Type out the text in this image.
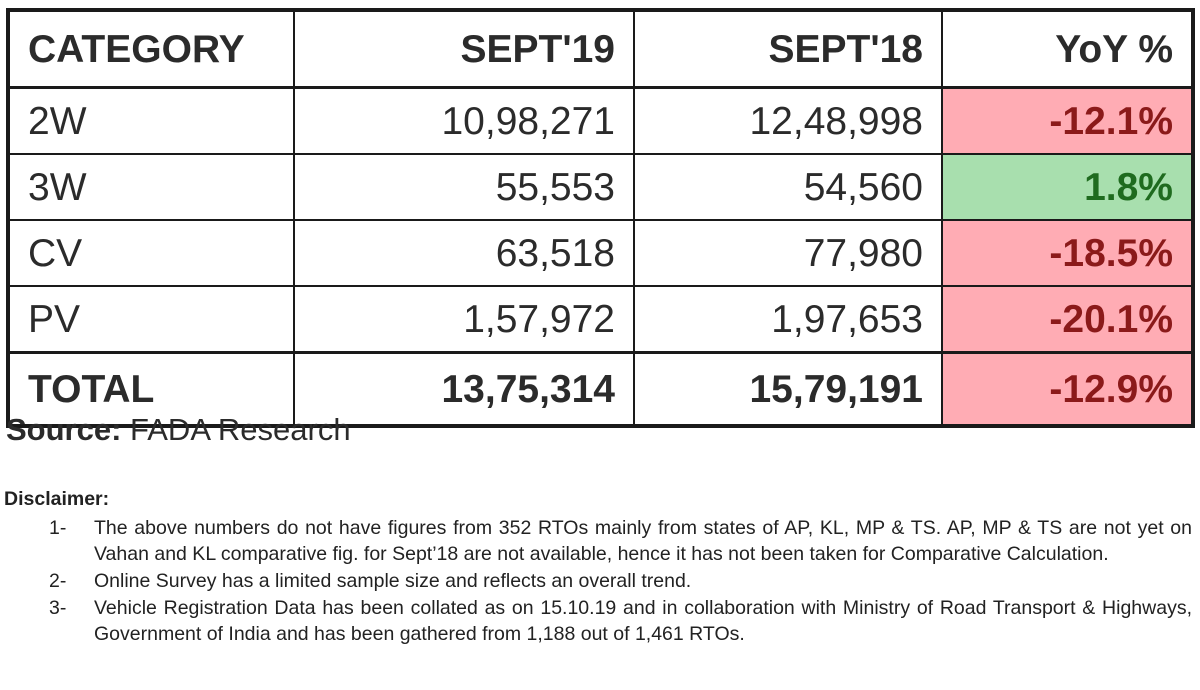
CATEGORY	SEPT'19	SEPT'18	YoY %
2W	10,98,271	12,48,998	-12.1%
3W	55,553	54,560	1.8%
CV	63,518	77,980	-18.5%
PV	1,57,972	1,97,653	-20.1%
TOTAL	13,75,314	15,79,191	-12.9%
Source: FADA Research
Disclaimer:
1-	The above numbers do not have figures from 352 RTOs mainly from states of AP, KL, MP & TS. AP, MP & TS are not yet on Vahan and KL comparative fig. for Sept’18 are not available, hence it has not been taken for Comparative Calculation.
2-	Online Survey has a limited sample size and reflects an overall trend.
3-	Vehicle Registration Data has been collated as on 15.10.19 and in collaboration with Ministry of Road Transport & Highways, Government of India and has been gathered from 1,188 out of 1,461 RTOs.
